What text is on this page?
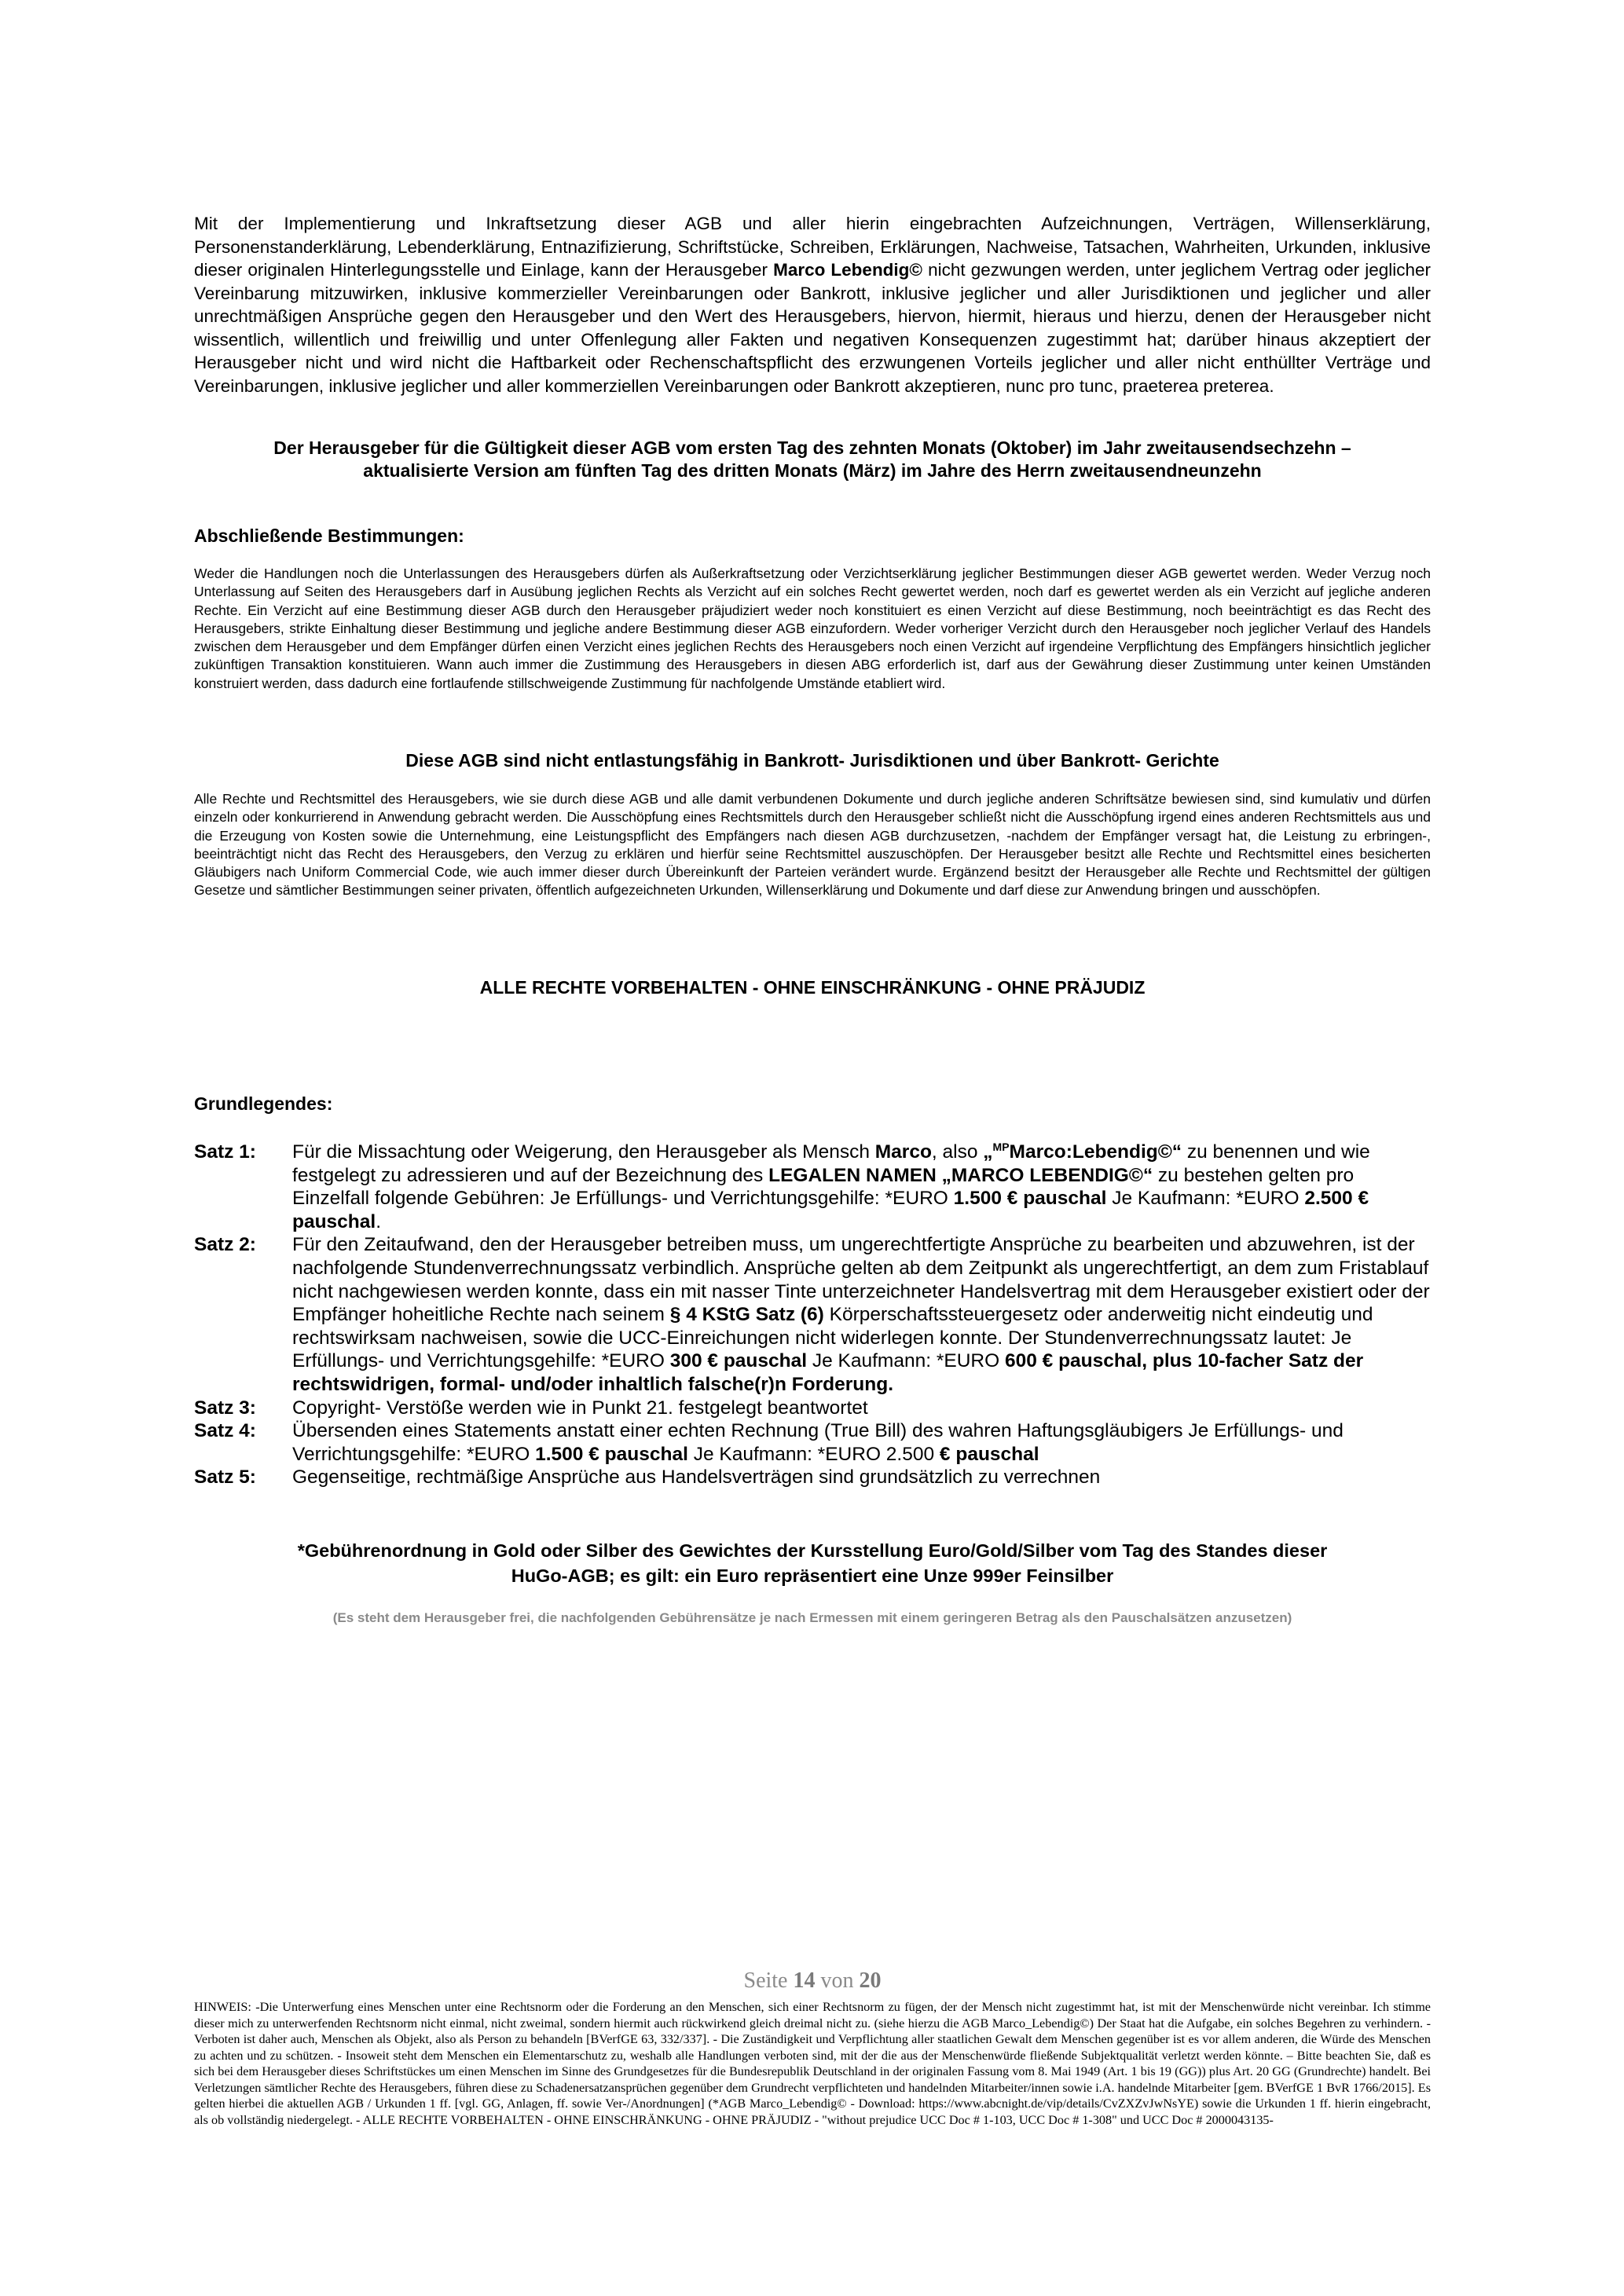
Mit der Implementierung und Inkraftsetzung dieser AGB und aller hierin eingebrachten Aufzeichnungen, Verträgen, Willenserklärung, Personenstanderklärung, Lebenderklärung, Entnazifizierung, Schriftstücke, Schreiben, Erklärungen, Nachweise, Tatsachen, Wahrheiten, Urkunden, inklusive dieser originalen Hinterlegungsstelle und Einlage, kann der Herausgeber Marco Lebendig© nicht gezwungen werden, unter jeglichem Vertrag oder jeglicher Vereinbarung mitzuwirken, inklusive kommerzieller Vereinbarungen oder Bankrott, inklusive jeglicher und aller Jurisdiktionen und jeglicher und aller unrechtmäßigen Ansprüche gegen den Herausgeber und den Wert des Herausgebers, hiervon, hiermit, hieraus und hierzu, denen der Herausgeber nicht wissentlich, willentlich und freiwillig und unter Offenlegung aller Fakten und negativen Konsequenzen zugestimmt hat; darüber hinaus akzeptiert der Herausgeber nicht und wird nicht die Haftbarkeit oder Rechenschaftspflicht des erzwungenen Vorteils jeglicher und aller nicht enthüllter Verträge und Vereinbarungen, inklusive jeglicher und aller kommerziellen Vereinbarungen oder Bankrott akzeptieren, nunc pro tunc, praeterea preterea.

Der Herausgeber für die Gültigkeit dieser AGB vom ersten Tag des zehnten Monats (Oktober) im Jahr zweitausendsechzehn –
aktualisierte Version am fünften Tag des dritten Monats (März) im Jahre des Herrn zweitausendneunzehn
Abschließende Bestimmungen:

Weder die Handlungen noch die Unterlassungen des Herausgebers dürfen als Außerkraftsetzung oder Verzichtserklärung jeglicher Bestimmungen dieser AGB gewertet werden. Weder Verzug noch Unterlassung auf Seiten des Herausgebers darf in Ausübung jeglichen Rechts als Verzicht auf ein solches Recht gewertet werden, noch darf es gewertet werden als ein Verzicht auf jegliche anderen Rechte. Ein Verzicht auf eine Bestimmung dieser AGB durch den Herausgeber präjudiziert weder noch konstituiert es einen Verzicht auf diese Bestimmung, noch beeinträchtigt es das Recht des Herausgebers, strikte Einhaltung dieser Bestimmung und jegliche andere Bestimmung dieser AGB einzufordern. Weder vorheriger Verzicht durch den Herausgeber noch jeglicher Verlauf des Handels zwischen dem Herausgeber und dem Empfänger dürfen einen Verzicht eines jeglichen Rechts des Herausgebers noch einen Verzicht auf irgendeine Verpflichtung des Empfängers hinsichtlich jeglicher zukünftigen Transaktion konstituieren. Wann auch immer die Zustimmung des Herausgebers in diesen ABG erforderlich ist, darf aus der Gewährung dieser Zustimmung unter keinen Umständen konstruiert werden, dass dadurch eine fortlaufende stillschweigende Zustimmung für nachfolgende Umstände etabliert wird.

Diese AGB sind nicht entlastungsfähig in Bankrott- Jurisdiktionen und über Bankrott- Gerichte

Alle Rechte und Rechtsmittel des Herausgebers, wie sie durch diese AGB und alle damit verbundenen Dokumente und durch jegliche anderen Schriftsätze bewiesen sind, sind kumulativ und dürfen einzeln oder konkurrierend in Anwendung gebracht werden. Die Ausschöpfung eines Rechtsmittels durch den Herausgeber schließt nicht die Ausschöpfung irgend eines anderen Rechtsmittels aus und die Erzeugung von Kosten sowie die Unternehmung, eine Leistungspflicht des Empfängers nach diesen AGB durchzusetzen, -nachdem der Empfänger versagt hat, die Leistung zu erbringen-, beeinträchtigt nicht das Recht des Herausgebers, den Verzug zu erklären und hierfür seine Rechtsmittel auszuschöpfen. Der Herausgeber besitzt alle Rechte und Rechtsmittel eines besicherten Gläubigers nach Uniform Commercial Code, wie auch immer dieser durch Übereinkunft der Parteien verändert wurde. Ergänzend besitzt der Herausgeber alle Rechte und Rechtsmittel der gültigen Gesetze und sämtlicher Bestimmungen seiner privaten, öffentlich aufgezeichneten Urkunden, Willenserklärung und Dokumente und darf diese zur Anwendung bringen und ausschöpfen.

ALLE RECHTE VORBEHALTEN - OHNE EINSCHRÄNKUNG - OHNE PRÄJUDIZ
Grundlegendes:
Satz 1:	Für die Missachtung oder Weigerung, den Herausgeber als Mensch Marco, also „$^{MP}$Marco:Lebendig©“ zu benennen und wie festgelegt zu adressieren und auf der Bezeichnung des LEGALEN NAMEN „MARCO LEBENDIG©“ zu bestehen gelten pro Einzelfall folgende Gebühren: Je Erfüllungs- und Verrichtungsgehilfe: *EURO 1.500 € pauschal Je Kaufmann: *EURO 2.500 € pauschal.
Satz 2:	Für den Zeitaufwand, den der Herausgeber betreiben muss, um ungerechtfertigte Ansprüche zu bearbeiten und abzuwehren, ist der nachfolgende Stundenverrechnungssatz verbindlich. Ansprüche gelten ab dem Zeitpunkt als ungerechtfertigt, an dem zum Fristablauf nicht nachgewiesen werden konnte, dass ein mit nasser Tinte unterzeichneter Handelsvertrag mit dem Herausgeber existiert oder der Empfänger hoheitliche Rechte nach seinem § 4 KStG Satz (6) Körperschaftssteuergesetz oder anderweitig nicht eindeutig und rechtswirksam nachweisen, sowie die UCC-Einreichungen nicht widerlegen konnte. Der Stundenverrechnungssatz lautet: Je Erfüllungs- und Verrichtungsgehilfe: *EURO 300 € pauschal Je Kaufmann: *EURO 600 € pauschal, plus 10-facher Satz der rechtswidrigen, formal- und/oder inhaltlich falsche(r)n Forderung.
Satz 3:	Copyright- Verstöße werden wie in Punkt 21. festgelegt beantwortet
Satz 4:	Übersenden eines Statements anstatt einer echten Rechnung (True Bill) des wahren Haftungsgläubigers Je Erfüllungs- und Verrichtungsgehilfe: *EURO 1.500 € pauschal Je Kaufmann: *EURO 2.500 € pauschal
Satz 5:	Gegenseitige, rechtmäßige Ansprüche aus Handelsverträgen sind grundsätzlich zu verrechnen
*Gebührenordnung in Gold oder Silber des Gewichtes der Kursstellung Euro/Gold/Silber vom Tag des Standes dieser
HuGo-AGB; es gilt: ein Euro repräsentiert eine Unze 999er Feinsilber
(Es steht dem Herausgeber frei, die nachfolgenden Gebührensätze je nach Ermessen mit einem geringeren Betrag als den Pauschalsätzen anzusetzen)
Seite 14 von 20

HINWEIS: -Die Unterwerfung eines Menschen unter eine Rechtsnorm oder die Forderung an den Menschen, sich einer Rechtsnorm zu fügen, der der Mensch nicht zugestimmt hat, ist mit der Menschenwürde nicht vereinbar. Ich stimme dieser mich zu unterwerfenden Rechtsnorm nicht einmal, nicht zweimal, sondern hiermit auch rückwirkend gleich dreimal nicht zu. (siehe hierzu die AGB Marco_Lebendig©) Der Staat hat die Aufgabe, ein solches Begehren zu verhindern. - Verboten ist daher auch, Menschen als Objekt, also als Person zu behandeln [BVerfGE 63, 332/337]. - Die Zuständigkeit und Verpflichtung aller staatlichen Gewalt dem Menschen gegenüber ist es vor allem anderen, die Würde des Menschen zu achten und zu schützen. - Insoweit steht dem Menschen ein Elementarschutz zu, weshalb alle Handlungen verboten sind, mit der die aus der Menschenwürde fließende Subjektqualität verletzt werden könnte. – Bitte beachten Sie, daß es sich bei dem Herausgeber dieses Schriftstückes um einen Menschen im Sinne des Grundgesetzes für die Bundesrepublik Deutschland in der originalen Fassung vom 8. Mai 1949 (Art. 1 bis 19 (GG)) plus Art. 20 GG (Grundrechte) handelt. Bei Verletzungen sämtlicher Rechte des Herausgebers, führen diese zu Schadenersatzansprüchen gegenüber dem Grundrecht verpflichteten und handelnden Mitarbeiter/innen sowie i.A. handelnde Mitarbeiter [gem. BVerfGE 1 BvR 1766/2015]. Es gelten hierbei die aktuellen AGB / Urkunden 1 ff. [vgl. GG, Anlagen, ff. sowie Ver-/Anordnungen] (*AGB Marco_Lebendig© - Download: https://www.abcnight.de/vip/details/CvZXZvJwNsYE) sowie die Urkunden 1 ff. hierin eingebracht, als ob vollständig niedergelegt. - ALLE RECHTE VORBEHALTEN - OHNE EINSCHRÄNKUNG - OHNE PRÄJUDIZ - "without prejudice UCC Doc # 1-103, UCC Doc # 1-308" und UCC Doc # 2000043135-
